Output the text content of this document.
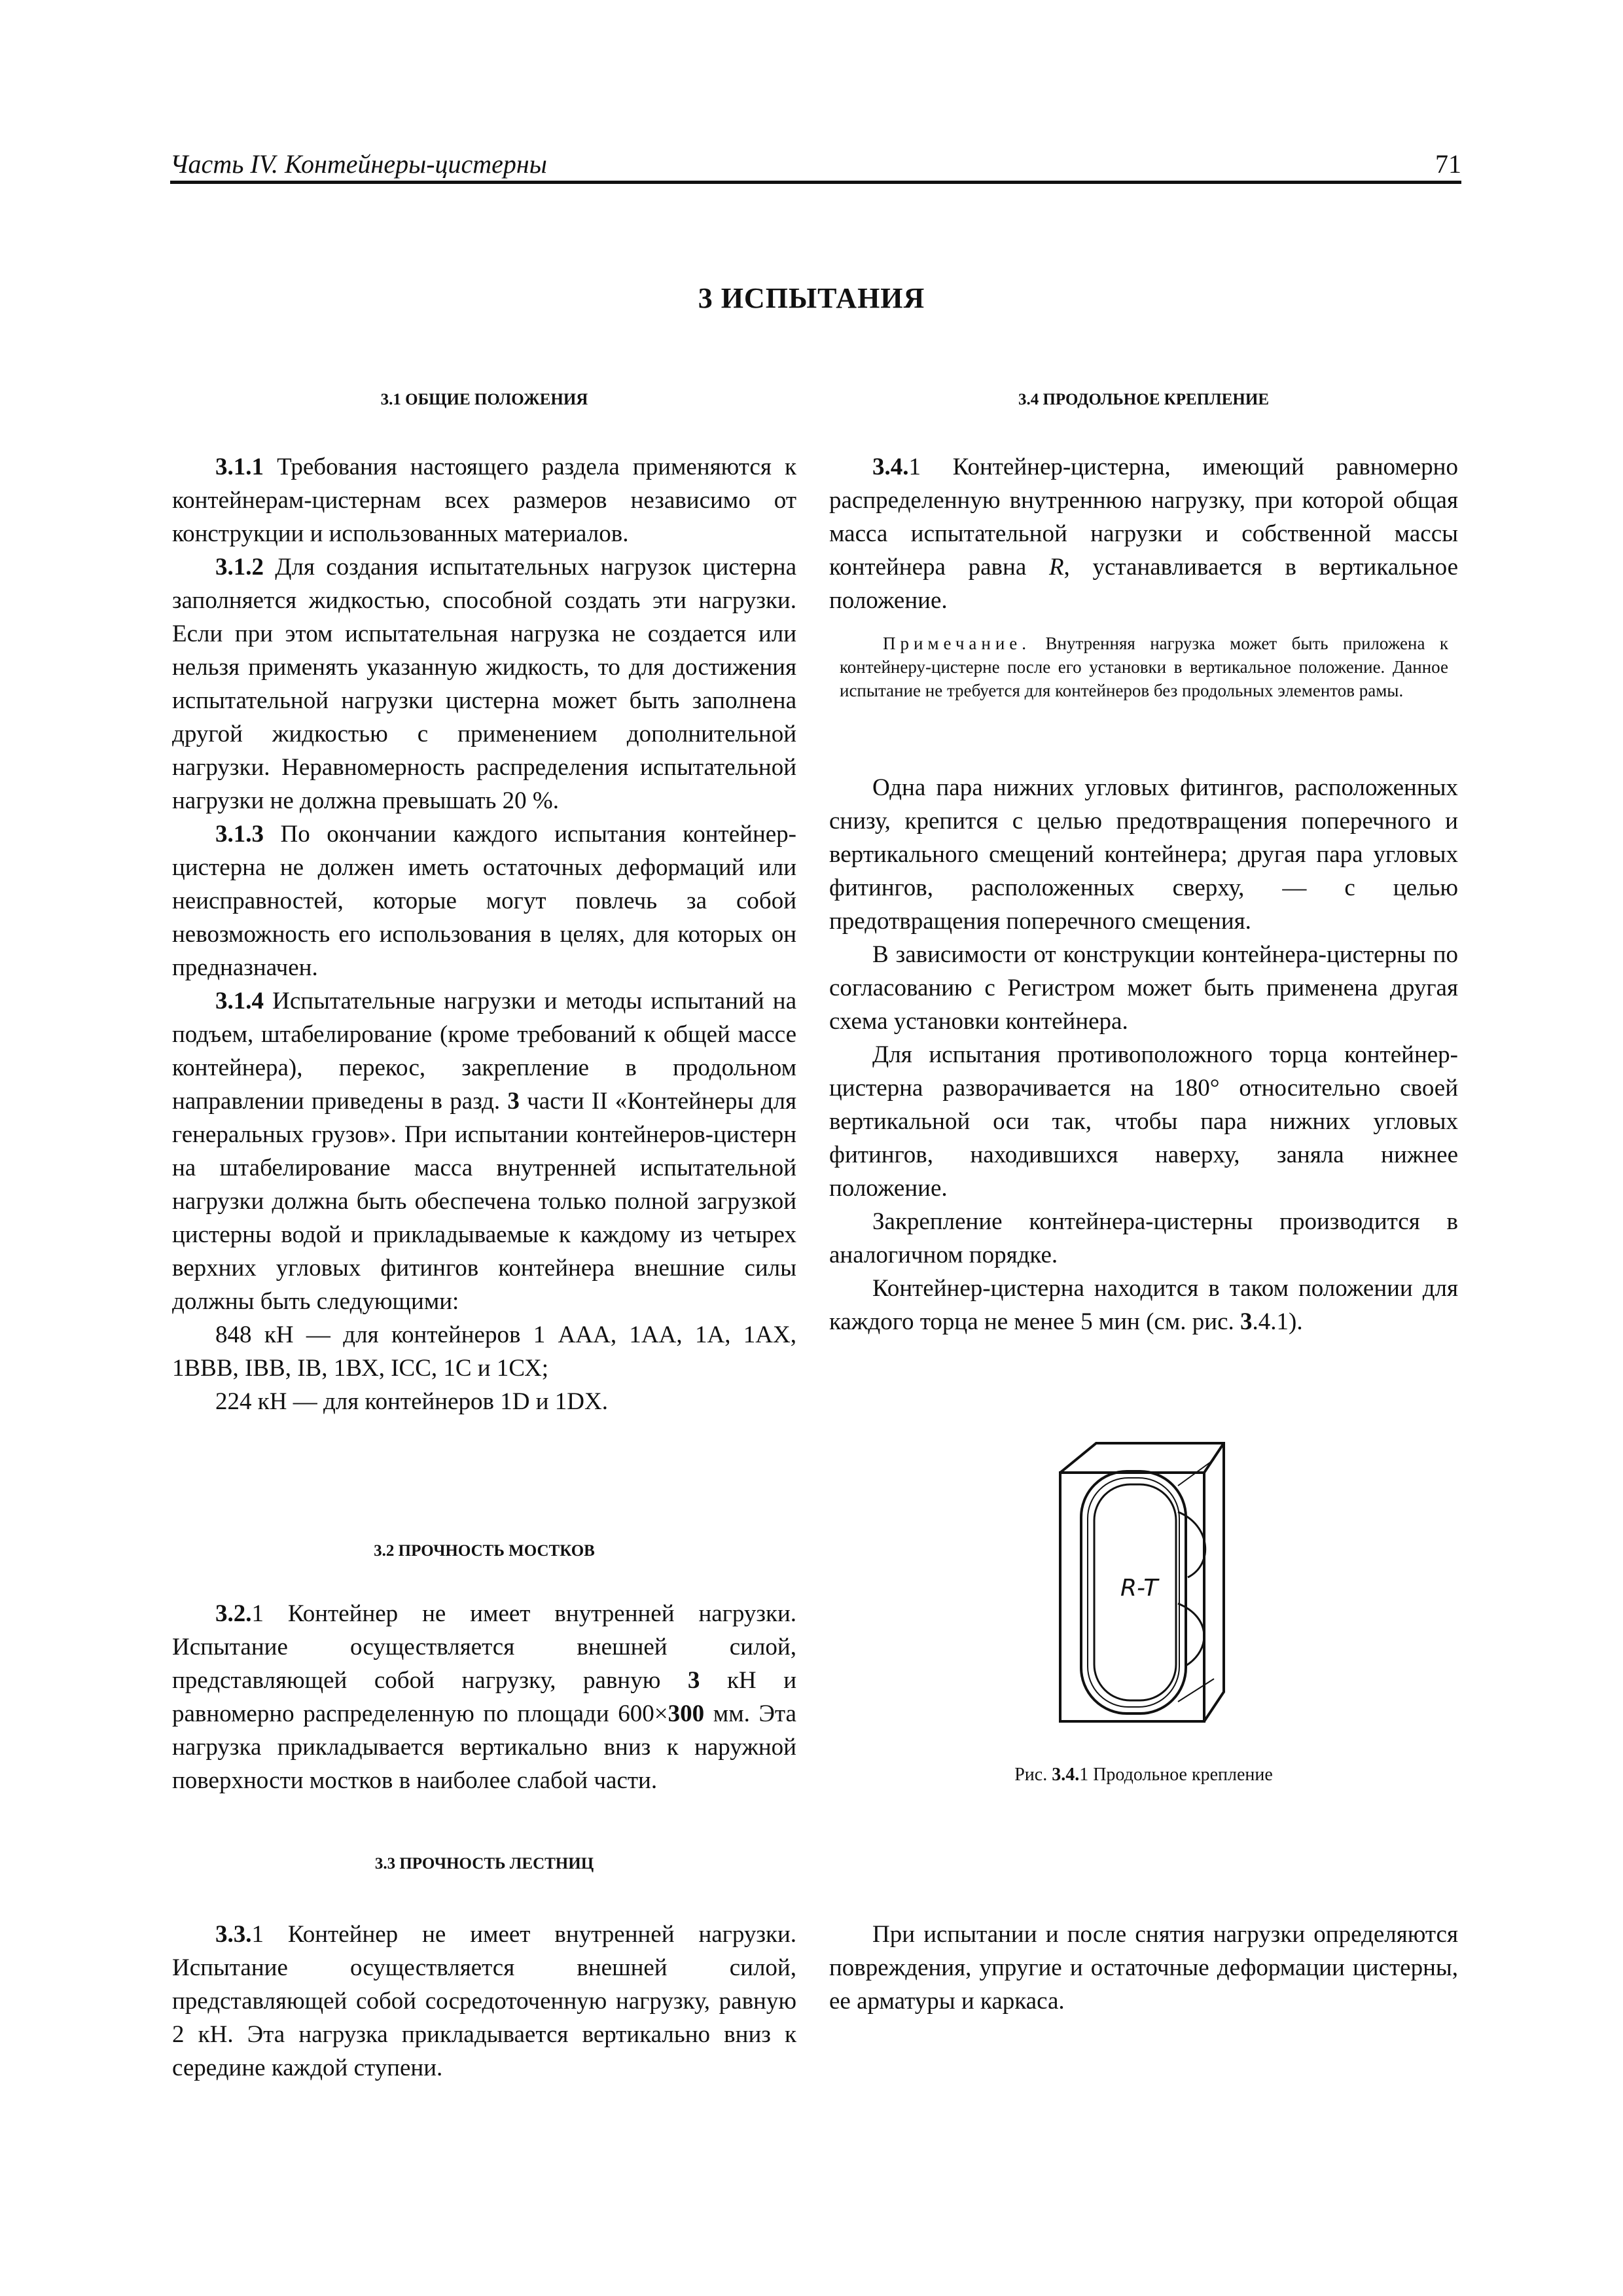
Часть IV. Контейнеры-цистерны	71
3 ИСПЫТАНИЯ
3.1 ОБЩИЕ ПОЛОЖЕНИЯ

3.1.1 Требования настоящего раздела применяются к контейнерам-цистернам всех размеров независимо от конструкции и использованных материалов.

3.1.2 Для создания испытательных нагрузок цистерна заполняется жидкостью, способной создать эти нагрузки. Если при этом испытательная нагрузка не создается или нельзя применять указанную жидкость, то для достижения испытательной нагрузки цистерна может быть заполнена другой жидкостью с применением дополнительной нагрузки. Неравномерность распределения испытательной нагрузки не должна превышать 20 %.

3.1.3 По окончании каждого испытания контейнер-цистерна не должен иметь остаточных деформаций или неисправностей, которые могут повлечь за собой невозможность его использования в целях, для которых он предназначен.

3.1.4 Испытательные нагрузки и методы испытаний на подъем, штабелирование (кроме требований к общей массе контейнера), перекос, закрепление в продольном направлении приведены в разд. 3 части II «Контейнеры для генеральных грузов». При испытании контейнеров-цистерн на штабелирование масса внутренней испытательной нагрузки должна быть обеспечена только полной загрузкой цистерны водой и прикладываемые к каждому из четырех верхних угловых фитингов контейнера внешние силы должны быть следующими:

848 кН — для контейнеров 1 ААА, 1АА, 1А, 1АХ, 1ВВВ, IВВ, IB, 1ВХ, ICC, 1С и 1СХ;

224 кН — для контейнеров 1D и 1DX.

3.2 ПРОЧНОСТЬ МОСТКОВ

3.2.1 Контейнер не имеет внутренней нагрузки. Испытание осуществляется внешней силой, представляющей собой нагрузку, равную 3 кН и равномерно распределенную по площади 600×300 мм. Эта нагрузка прикладывается вертикально вниз к наружной поверхности мостков в наиболее слабой части.

3.3 ПРОЧНОСТЬ ЛЕСТНИЦ

3.3.1 Контейнер не имеет внутренней нагрузки. Испытание осуществляется внешней силой, представляющей собой сосредоточенную нагрузку, равную 2 кН. Эта нагрузка прикладывается вертикально вниз к середине каждой ступени.

3.4 ПРОДОЛЬНОЕ КРЕПЛЕНИЕ

3.4.1 Контейнер-цистерна, имеющий равномерно распределенную внутреннюю нагрузку, при которой общая масса испытательной нагрузки и собственной массы контейнера равна R, устанавливается в вертикальное положение.

Примечание. Внутренняя нагрузка может быть приложена к контейнеру-цистерне после его установки в вертикальное положение. Данное испытание не требуется для контейнеров без продольных элементов рамы.

Одна пара нижних угловых фитингов, расположенных снизу, крепится с целью предотвращения поперечного и вертикального смещений контейнера; другая пара угловых фитингов, расположенных сверху, — с целью предотвращения поперечного смещения.

В зависимости от конструкции контейнера-цистерны по согласованию с Регистром может быть применена другая схема установки контейнера.

Для испытания противоположного торца контейнер-цистерна разворачивается на 180° относительно своей вертикальной оси так, чтобы пара нижних угловых фитингов, находившихся наверху, заняла нижнее положение.

Закрепление контейнера-цистерны производится в аналогичном порядке.

Контейнер-цистерна находится в таком положении для каждого торца не менее 5 мин (см. рис. 3.4.1).

R-T
Рис. 3.4.1 Продольное крепление

При испытании и после снятия нагрузки определяются повреждения, упругие и остаточные деформации цистерны, ее арматуры и каркаса.
